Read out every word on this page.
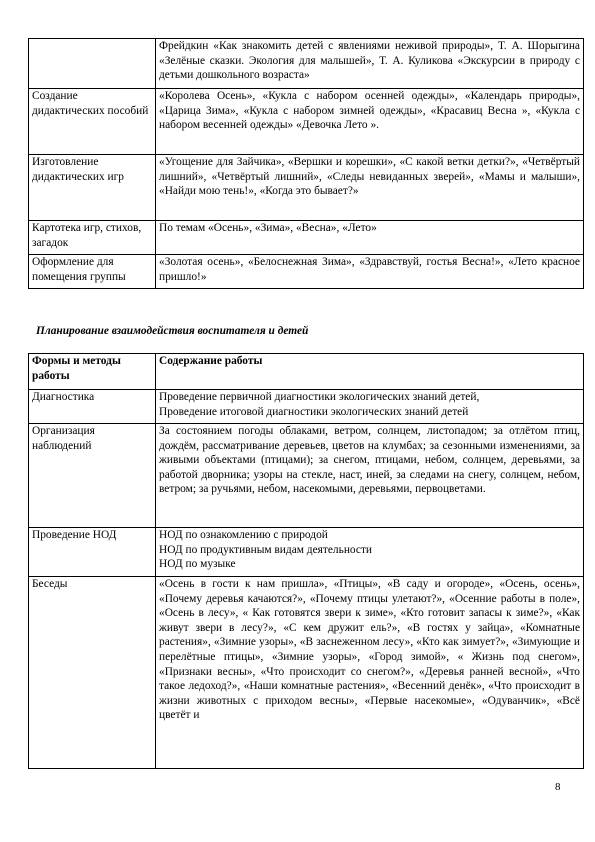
	Фрейдкин «Как знакомить детей с явлениями неживой природы», Т. А. Шорыгина «Зелёные сказки. Экология для малышей», Т. А. Куликова «Экскурсии в природу с детьми дошкольного возраста»
Создание дидактических пособий	«Королева Осень», «Кукла с набором осенней одежды», «Календарь природы», «Царица Зима», «Кукла с набором зимней одежды», «Красавиц Весна », «Кукла с набором весенней одежды» «Девочка Лето ».
Изготовление дидактических игр	«Угощение для Зайчика», «Вершки и корешки», «С какой ветки детки?», «Четвёртый лишний», «Четвёртый лишний», «Следы невиданных зверей», «Мамы и малыши», «Найди мою тень!», «Когда это бывает?»
Картотека игр, стихов, загадок	По темам «Осень», «Зима», «Весна», «Лето»
Оформление для помещения группы	«Золотая осень», «Белоснежная Зима», «Здравствуй, гостья Весна!», «Лето красное пришло!»
Планирование взаимодействия воспитателя и детей
Формы и методы работы	Содержание работы
Диагностика	Проведение первичной диагностики экологических знаний детей,
Проведение итоговой диагностики экологических знаний детей

Организация наблюдений	За состоянием погоды облаками, ветром, солнцем, листопадом; за отлётом птиц, дождём, рассматривание деревьев, цветов на клумбах; за сезонными изменениями, за живыми объектами (птицами); за снегом, птицами, небом, солнцем, деревьями, за работой дворника; узоры на стекле, наст, иней, за следами на снегу, солнцем, небом, ветром; за ручьями, небом, насекомыми, деревьями, первоцветами.

Проведение НОД	НОД по ознакомлению с природой
НОД по продуктивным видам деятельности
НОД по музыке

Беседы	«Осень в гости к нам пришла», «Птицы», «В саду и огороде», «Осень, осень», «Почему деревья качаются?», «Почему птицы улетают?», «Осенние работы в поле», «Осень в лесу», « Как готовятся звери к зиме», «Кто готовит запасы к зиме?», «Как живут звери в лесу?», «С кем дружит ель?», «В гостях у зайца», «Комнатные растения», «Зимние узоры», «В заснеженном лесу», «Кто как зимует?», «Зимующие и перелётные птицы», «Зимние узоры», «Город зимой», « Жизнь под снегом», «Признаки весны», «Что происходит со снегом?», «Деревья ранней весной», «Что такое ледоход?», «Наши комнатные растения», «Весенний денёк», «Что происходит в жизни животных с приходом весны», «Первые насекомые», «Одуванчик», «Всё цветёт и
8
